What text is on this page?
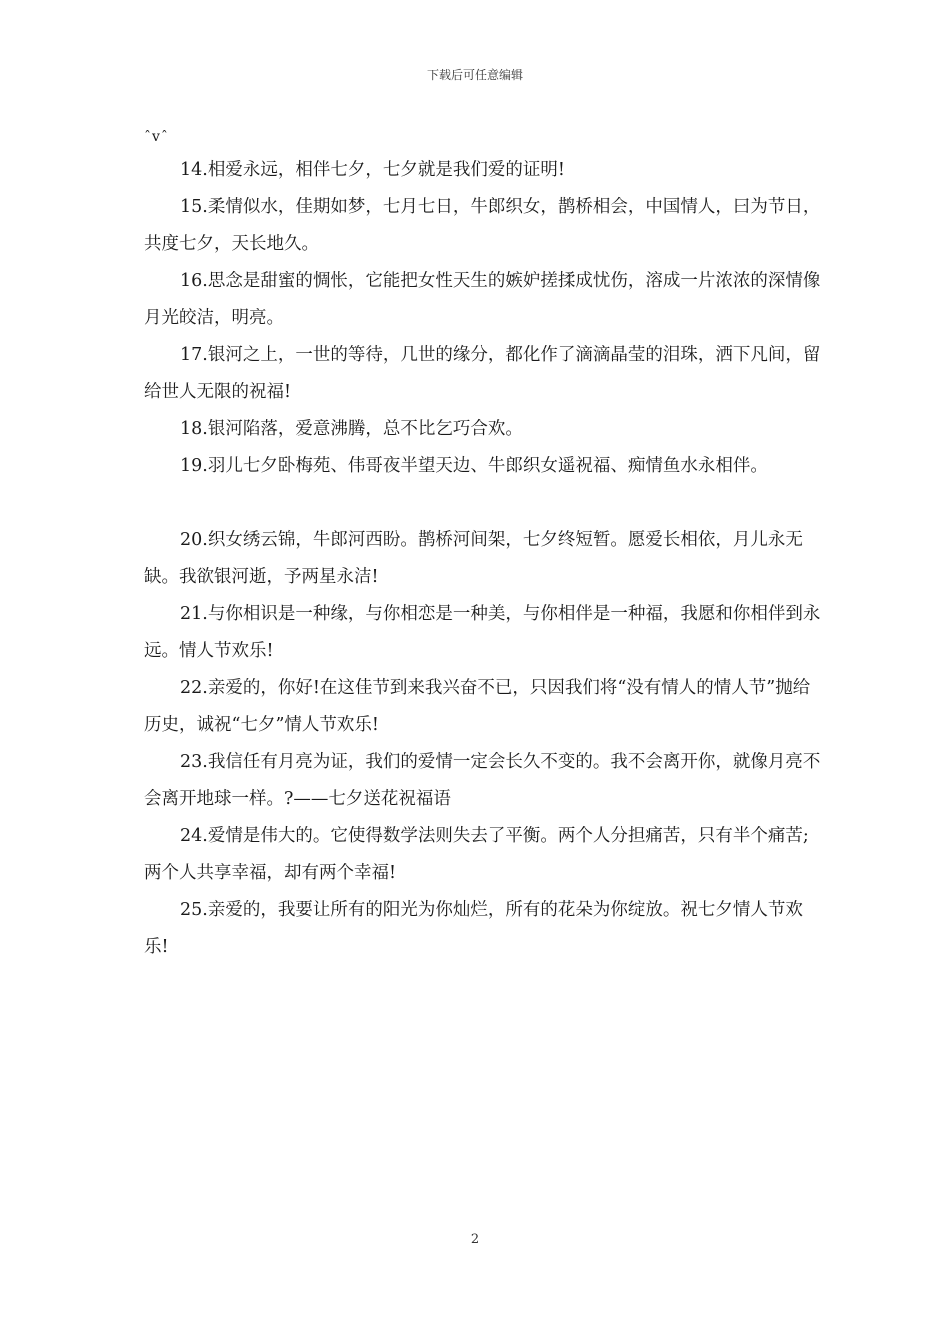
下载后可任意编辑
ˆvˆ

14.相爱永远，相伴七夕，七夕就是我们爱的证明!

15.柔情似水，佳期如梦，七月七日，牛郎织女，鹊桥相会，中国情人，曰为节日，共度七夕，天长地久。

16.思念是甜蜜的惆怅，它能把女性天生的嫉妒搓揉成忧伤，溶成一片浓浓的深情像月光皎洁，明亮。

17.银河之上，一世的等待，几世的缘分，都化作了滴滴晶莹的泪珠，洒下凡间，留给世人无限的祝福!

18.银河陷落，爱意沸腾，总不比乞巧合欢。

19.羽儿七夕卧梅苑、伟哥夜半望天边、牛郎织女遥祝福、痴情鱼水永相伴。

20.织女绣云锦，牛郎河西盼。鹊桥河间架，七夕终短暂。愿爱长相依，月儿永无缺。我欲银河逝，予两星永洁!

21.与你相识是一种缘，与你相恋是一种美，与你相伴是一种福，我愿和你相伴到永远。情人节欢乐!

22.亲爱的，你好!在这佳节到来我兴奋不已，只因我们将“没有情人的情人节”抛给历史，诚祝“七夕”情人节欢乐!

23.我信任有月亮为证，我们的爱情一定会长久不变的。我不会离开你，就像月亮不会离开地球一样。?——七夕送花祝福语

24.爱情是伟大的。它使得数学法则失去了平衡。两个人分担痛苦，只有半个痛苦;两个人共享幸福，却有两个幸福!

25.亲爱的，我要让所有的阳光为你灿烂，所有的花朵为你绽放。祝七夕情人节欢乐!

2
